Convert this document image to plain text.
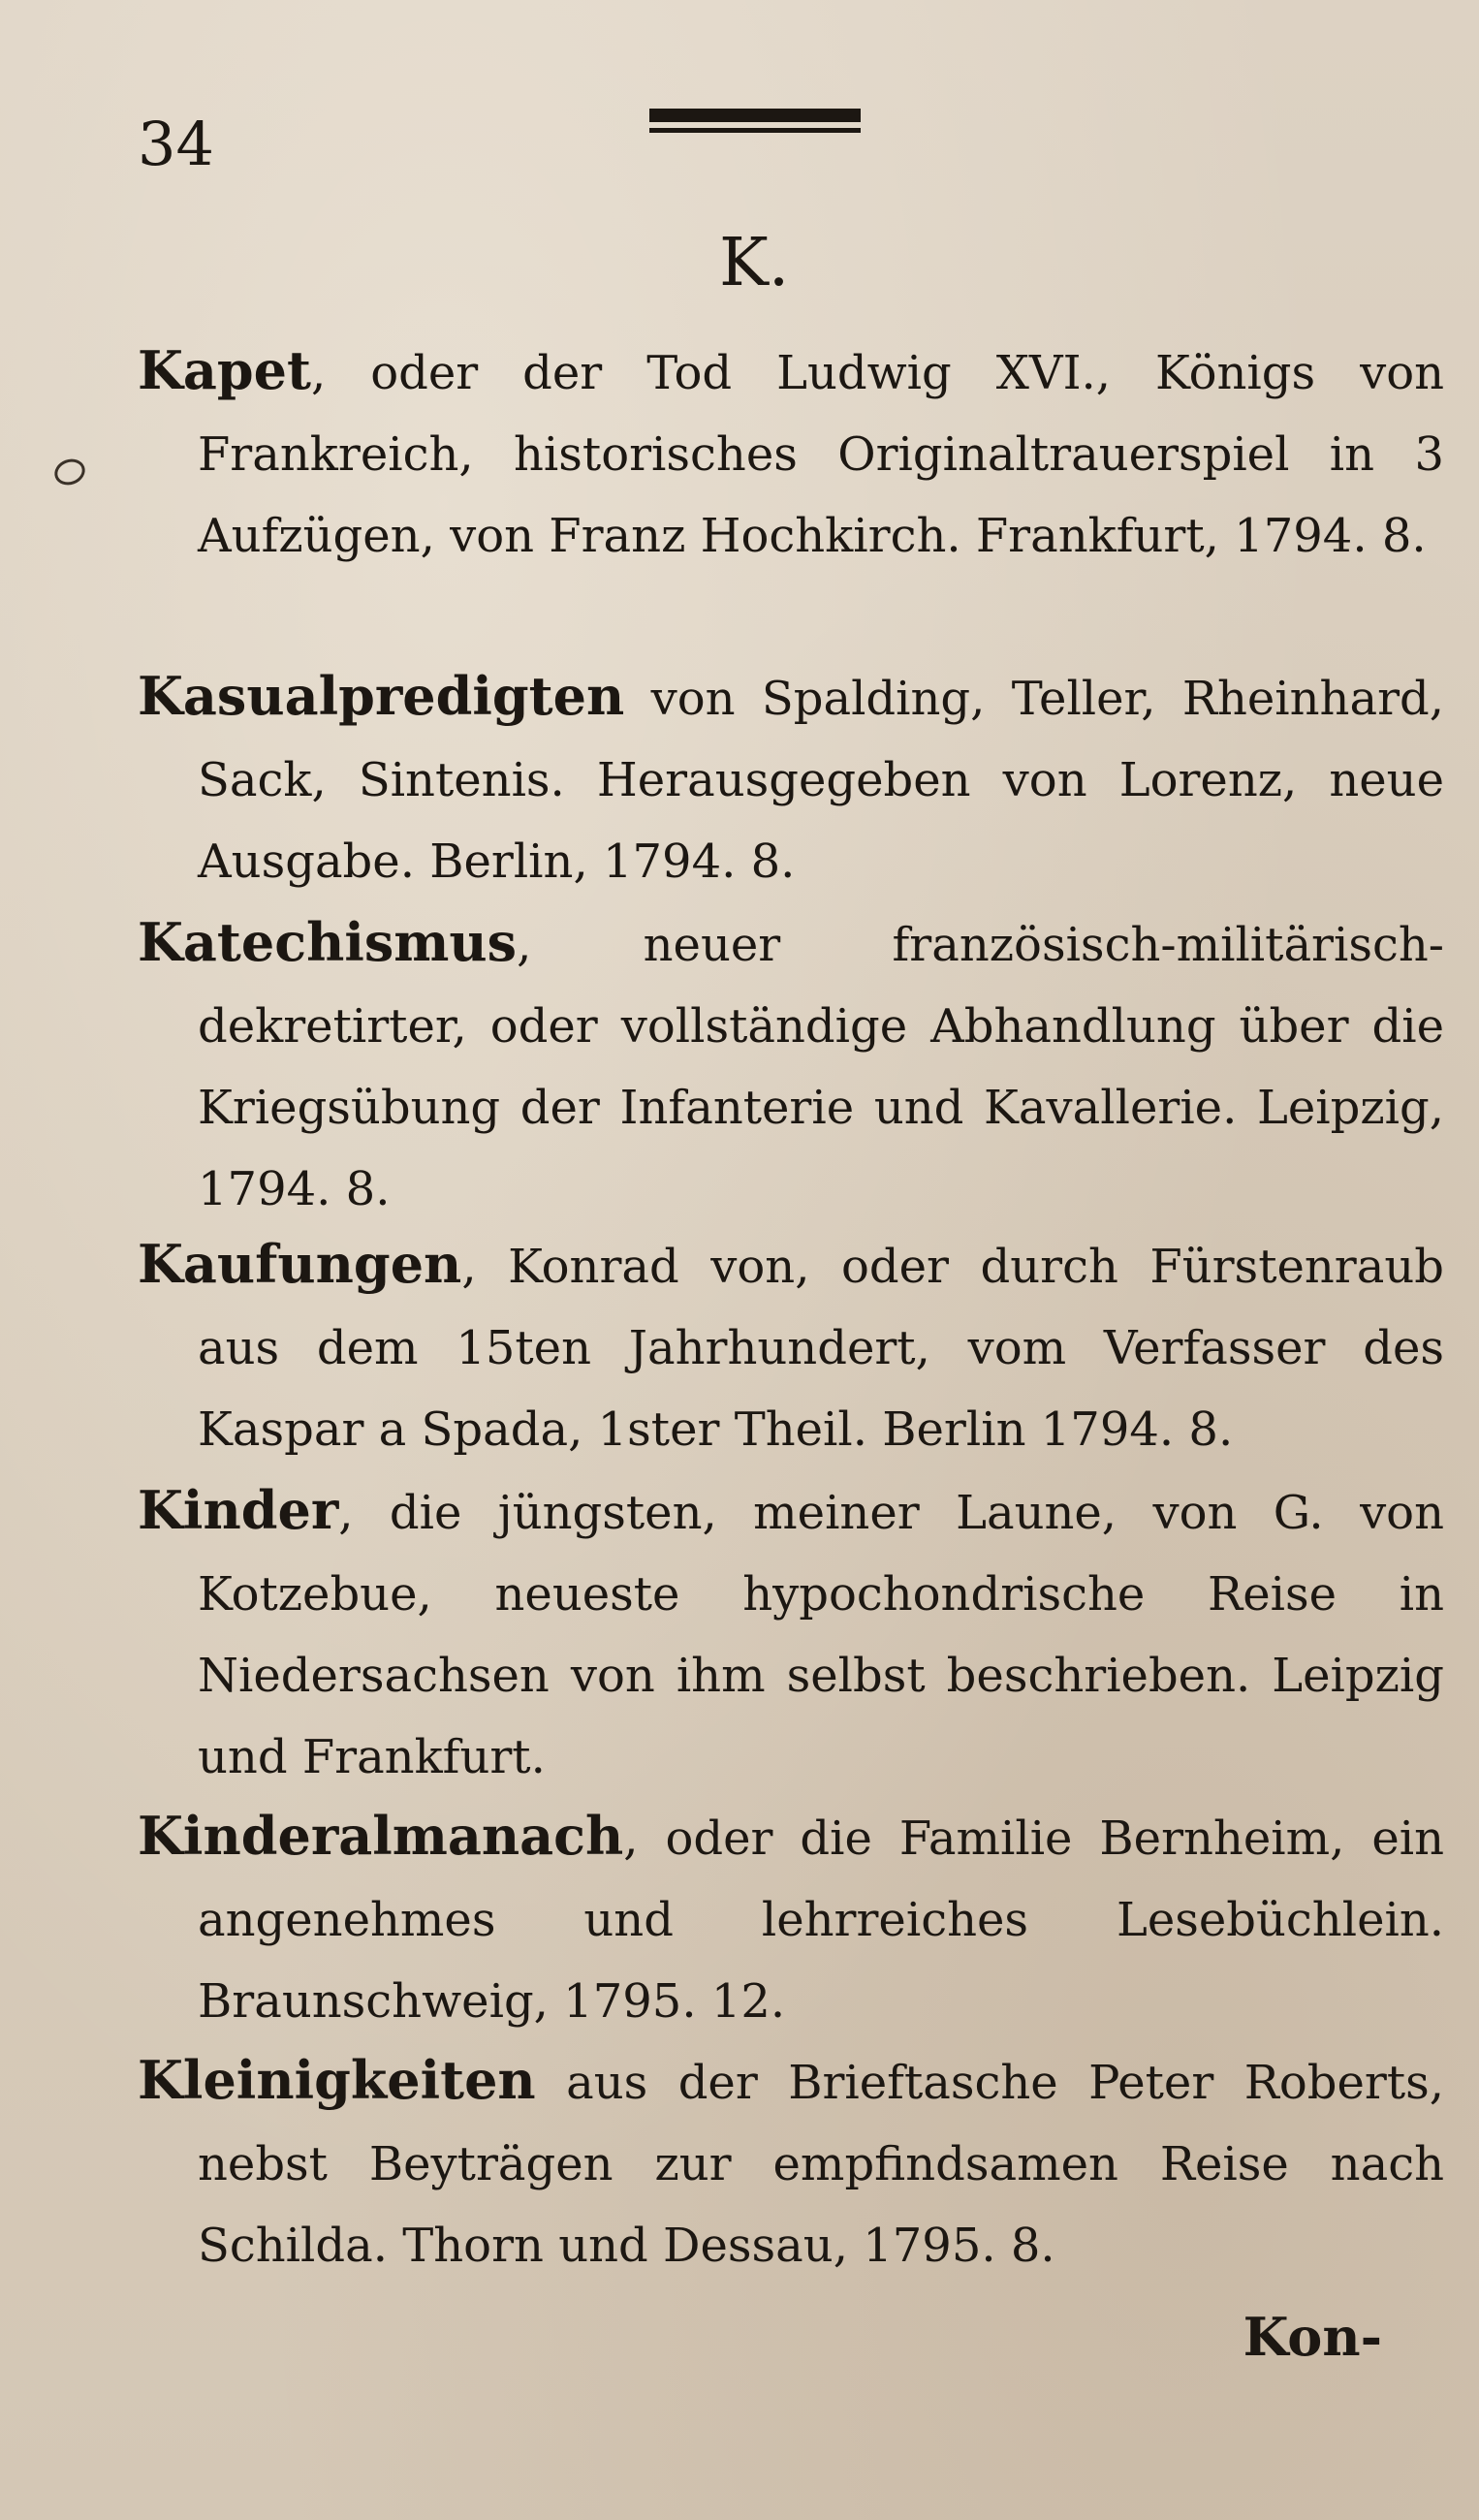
34
K.

Kapet, oder der Tod Ludwig XVI., Königs von Frankreich, historisches Originaltrauerspiel in 3 Aufzügen, von Franz Hochkirch. Frankfurt, 1794. 8.

Kasualpredigten von Spalding, Teller, Rheinhard, Sack, Sintenis. Herausgegeben von Lorenz, neue Ausgabe. Berlin, 1794. 8.

Katechismus, neuer französisch-militärisch-dekretirter, oder vollständige Abhandlung über die Kriegsübung der Infanterie und Kavallerie. Leipzig, 1794. 8.

Kaufungen, Konrad von, oder durch Fürstenraub aus dem 15ten Jahrhundert, vom Verfasser des Kaspar a Spada, 1ster Theil. Berlin 1794. 8.

Kinder, die jüngsten, meiner Laune, von G. von Kotzebue, neueste hypochondrische Reise in Niedersachsen von ihm selbst beschrieben. Leipzig und Frankfurt.

Kinderalmanach, oder die Familie Bernheim, ein angenehmes und lehrreiches Lesebüchlein. Braunschweig, 1795. 12.

Kleinigkeiten aus der Brieftasche Peter Roberts, nebst Beyträgen zur empfindsamen Reise nach Schilda. Thorn und Dessau, 1795. 8.

Kon-
